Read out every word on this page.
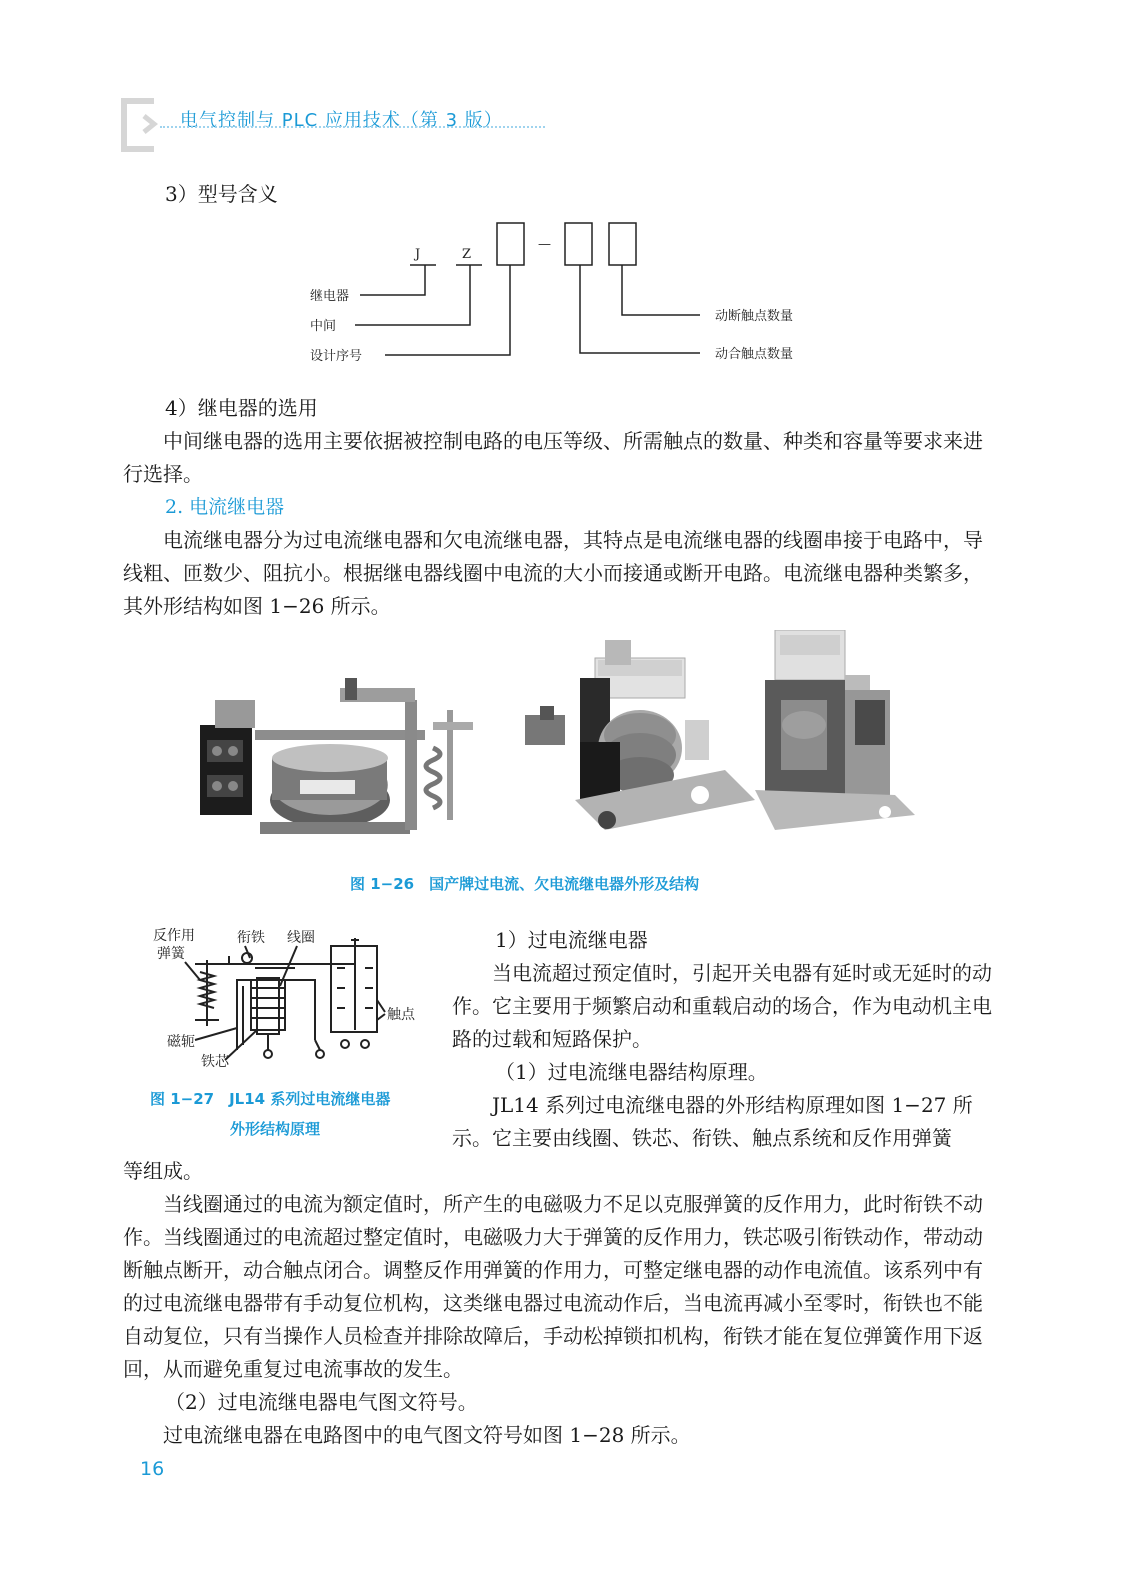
电气控制与 PLC 应用技术（第 3 版）
3）型号含义
J	Z
—
继电器
中间
设计序号
动断触点数量
动合触点数量
4）继电器的选用
中间继电器的选用主要依据被控制电路的电压等级、所需触点的数量、种类和容量等要求来进行选择。
2. 电流继电器
电流继电器分为过电流继电器和欠电流继电器，其特点是电流继电器的线圈串接于电路中，导线粗、匝数少、阻抗小。根据继电器线圈中电流的大小而接通或断开电路。电流继电器种类繁多，其外形结构如图 1−26 所示。
图 1−26　国产牌过电流、欠电流继电器外形及结构
反作用
弹簧
衔铁 线圈
触点
磁轭
铁芯
图 1−27　JL14 系列过电流继电器
外形结构原理
1）过电流继电器
当电流超过预定值时，引起开关电器有延时或无延时的动作。它主要用于频繁启动和重载启动的场合，作为电动机主电路的过载和短路保护。
（1）过电流继电器结构原理。
JL14 系列过电流继电器的外形结构原理如图 1−27 所示。它主要由线圈、铁芯、衔铁、触点系统和反作用弹簧
等组成。
当线圈通过的电流为额定值时，所产生的电磁吸力不足以克服弹簧的反作用力，此时衔铁不动作。当线圈通过的电流超过整定值时，电磁吸力大于弹簧的反作用力，铁芯吸引衔铁动作，带动动断触点断开，动合触点闭合。调整反作用弹簧的作用力，可整定继电器的动作电流值。该系列中有的过电流继电器带有手动复位机构，这类继电器过电流动作后，当电流再减小至零时，衔铁也不能自动复位，只有当操作人员检查并排除故障后，手动松掉锁扣机构，衔铁才能在复位弹簧作用下返回，从而避免重复过电流事故的发生。
（2）过电流继电器电气图文符号。
过电流继电器在电路图中的电气图文符号如图 1−28 所示。
16
